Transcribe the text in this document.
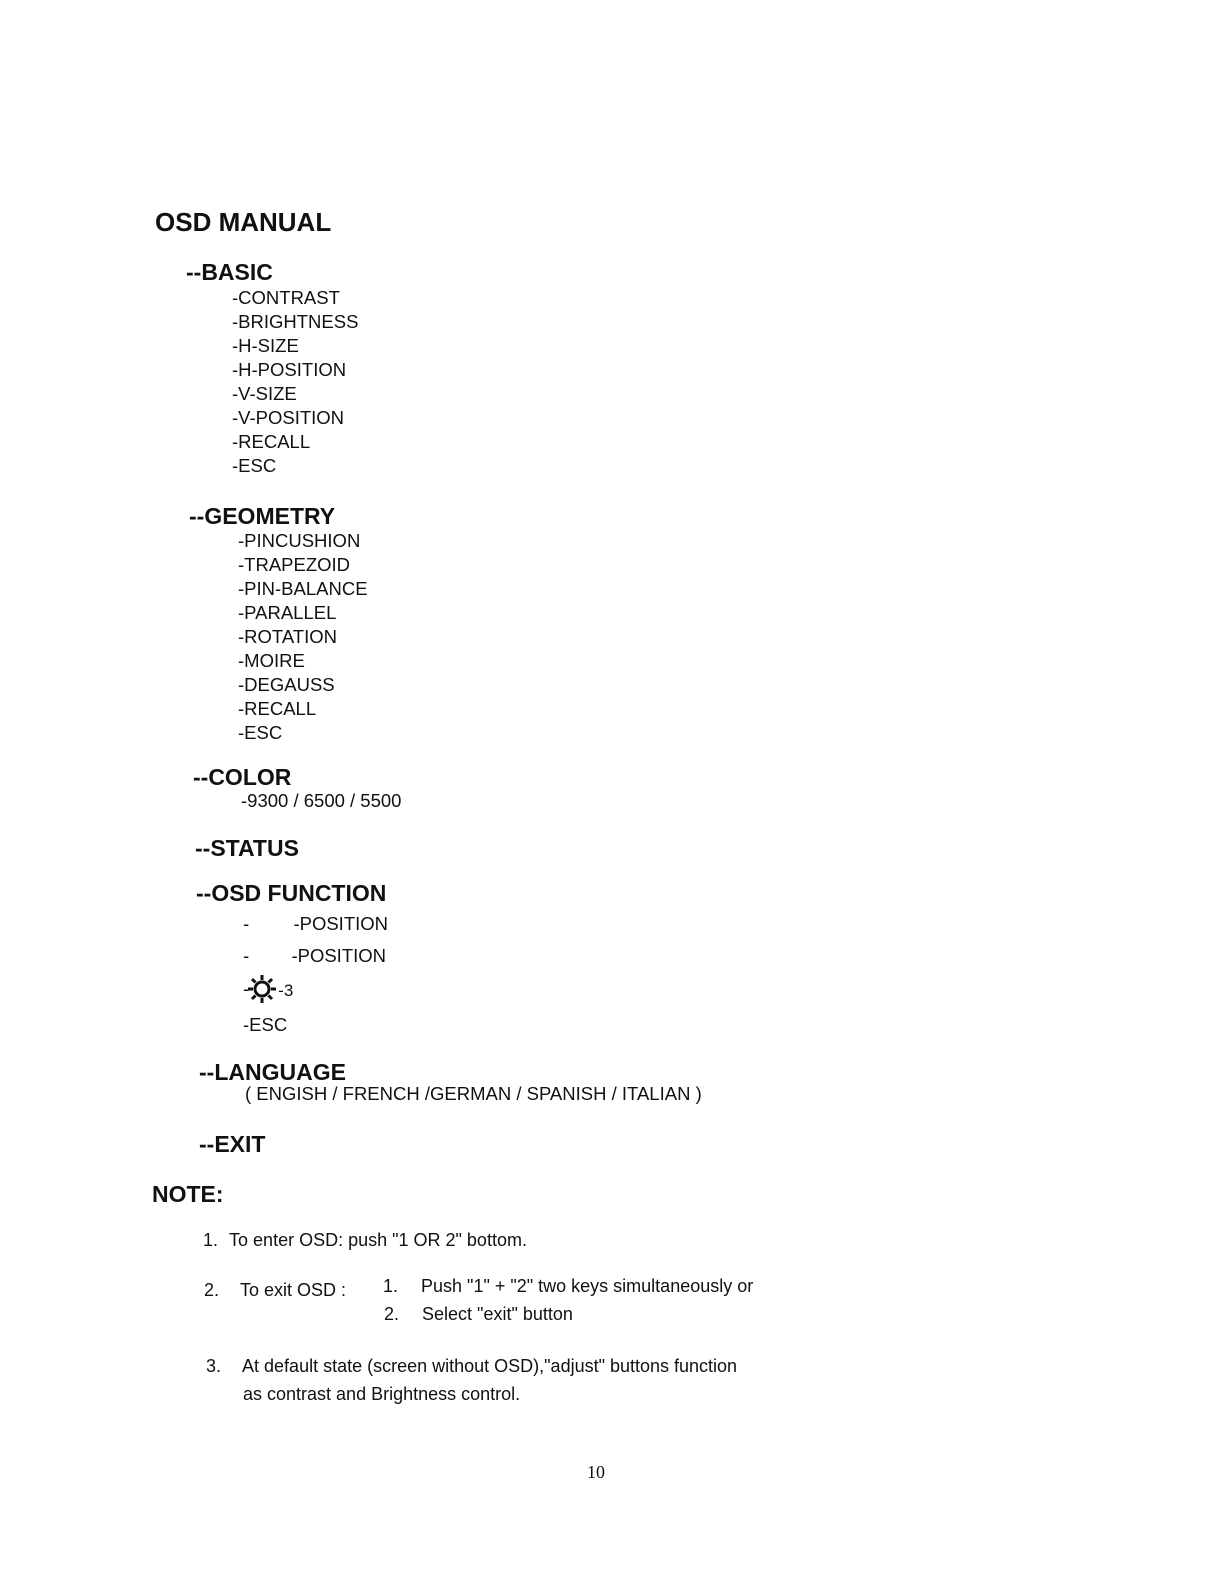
OSD MANUAL
--BASIC
-CONTRAST
-BRIGHTNESS
-H-SIZE
-H-POSITION
-V-SIZE
-V-POSITION
-RECALL
-ESC
--GEOMETRY
-PINCUSHION
-TRAPEZOID
-PIN-BALANCE
-PARALLEL
-ROTATION
-MOIRE
-DEGAUSS
-RECALL
-ESC
--COLOR
-9300 / 6500 / 5500
--STATUS
--OSD FUNCTION
- -POSITION
- -POSITION
- -3
-ESC
--LANGUAGE
( ENGISH / FRENCH /GERMAN / SPANISH / ITALIAN )
--EXIT
NOTE:
1. To enter OSD: push "1 OR 2" bottom.
2. To exit OSD : 1. Push "1" + "2" two keys simultaneously or
2. Select "exit" button
3. At default state (screen without OSD),"adjust" buttons function
as contrast and Brightness control.
10
